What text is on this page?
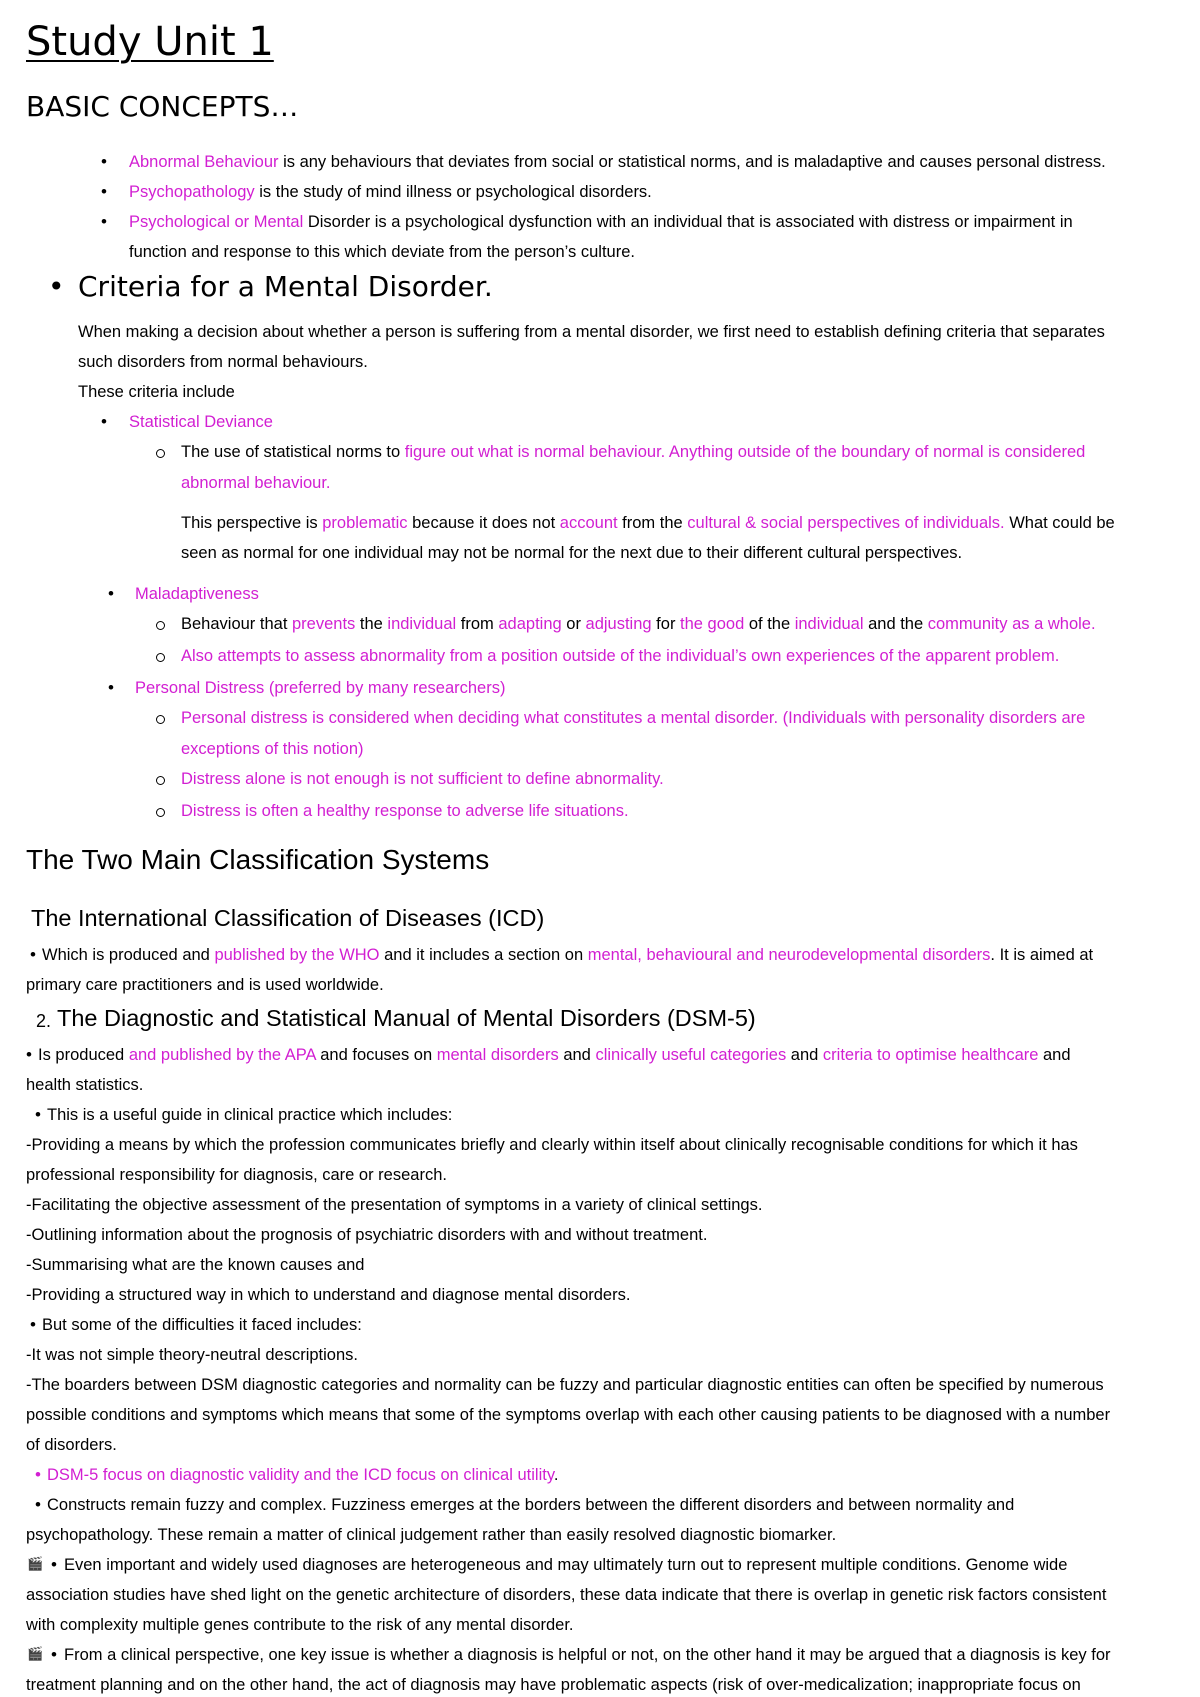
Study Unit 1
BASIC CONCEPTS…
• Abnormal Behaviour is any behaviours that deviates from social or statistical norms, and is maladaptive and causes personal distress.
• Psychopathology is the study of mind illness or psychological disorders.
• Psychological or Mental Disorder is a psychological dysfunction with an individual that is associated with distress or impairment in
function and response to this which deviate from the person’s culture.
• Criteria for a Mental Disorder.
When making a decision about whether a person is suffering from a mental disorder, we first need to establish defining criteria that separates
such disorders from normal behaviours.
These criteria include
• Statistical Deviance
The use of statistical norms to figure out what is normal behaviour. Anything outside of the boundary of normal is considered
abnormal behaviour.
This perspective is problematic because it does not account from the cultural & social perspectives of individuals. What could be
seen as normal for one individual may not be normal for the next due to their different cultural perspectives.
• Maladaptiveness
Behaviour that prevents the individual from adapting or adjusting for the good of the individual and the community as a whole.
Also attempts to assess abnormality from a position outside of the individual’s own experiences of the apparent problem.
• Personal Distress (preferred by many researchers)
Personal distress is considered when deciding what constitutes a mental disorder. (Individuals with personality disorders are
exceptions of this notion)
Distress alone is not enough is not sufficient to define abnormality.
Distress is often a healthy response to adverse life situations.
The Two Main Classification Systems
The International Classification of Diseases (ICD)
• Which is produced and published by the WHO and it includes a section on mental, behavioural and neurodevelopmental disorders. It is aimed at
primary care practitioners and is used worldwide.
2. The Diagnostic and Statistical Manual of Mental Disorders (DSM-5)
• Is produced and published by the APA and focuses on mental disorders and clinically useful categories and criteria to optimise healthcare and
health statistics.
• This is a useful guide in clinical practice which includes:
-Providing a means by which the profession communicates briefly and clearly within itself about clinically recognisable conditions for which it has
professional responsibility for diagnosis, care or research.
-Facilitating the objective assessment of the presentation of symptoms in a variety of clinical settings.
-Outlining information about the prognosis of psychiatric disorders with and without treatment.
-Summarising what are the known causes and
-Providing a structured way in which to understand and diagnose mental disorders.
• But some of the difficulties it faced includes:
-It was not simple theory-neutral descriptions.
-The boarders between DSM diagnostic categories and normality can be fuzzy and particular diagnostic entities can often be specified by numerous
possible conditions and symptoms which means that some of the symptoms overlap with each other causing patients to be diagnosed with a number
of disorders.
• DSM-5 focus on diagnostic validity and the ICD focus on clinical utility.
• Constructs remain fuzzy and complex. Fuzziness emerges at the borders between the different disorders and between normality and
psychopathology. These remain a matter of clinical judgement rather than easily resolved diagnostic biomarker.
🎬 • Even important and widely used diagnoses are heterogeneous and may ultimately turn out to represent multiple conditions. Genome wide
association studies have shed light on the genetic architecture of disorders, these data indicate that there is overlap in genetic risk factors consistent
with complexity multiple genes contribute to the risk of any mental disorder.
🎬 • From a clinical perspective, one key issue is whether a diagnosis is helpful or not, on the other hand it may be argued that a diagnosis is key for
treatment planning and on the other hand, the act of diagnosis may have problematic aspects (risk of over-medicalization; inappropriate focus on
